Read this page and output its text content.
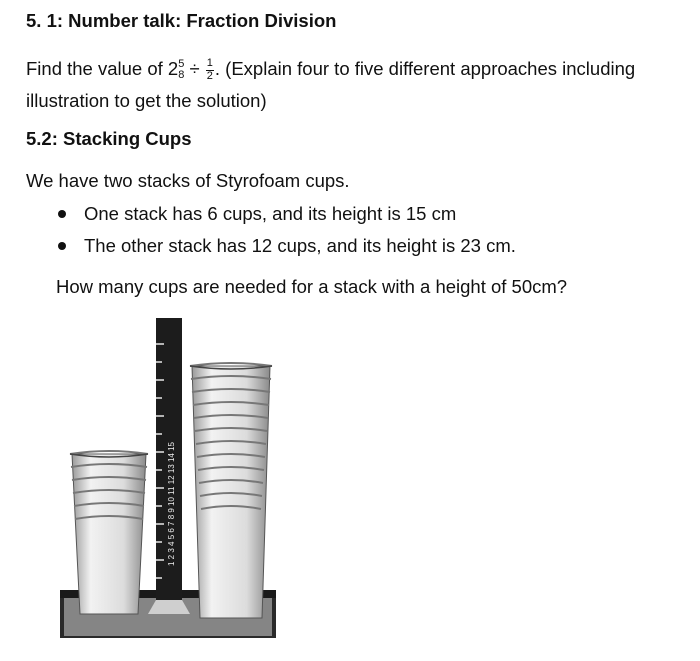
5. 1: Number talk: Fraction Division
Find the value of 2 5
$8 \div \frac{1}{2}$ . (Explain four to five different approaches including
illustration to get the solution)
5.2: Stacking Cups
We have two stacks of Styrofoam cups.
One stack has 6 cups, and its height is 15 cm
The other stack has 12 cups, and its height is 23 cm.
How many cups are needed for a stack with a height of 50cm?
1 2 3 4 5 6 7 8 9 10 11 12 13 14 15
